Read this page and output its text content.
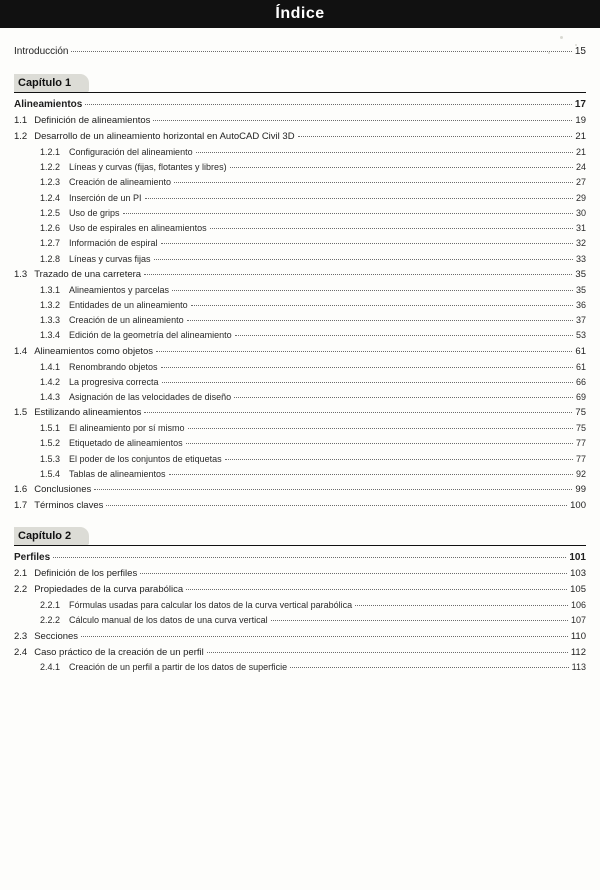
Índice
Introducción	15
Capítulo 1
Alineamientos	17
1.1 Definición de alineamientos	19
1.2 Desarrollo de un alineamiento horizontal en AutoCAD Civil 3D	21
1.2.1 Configuración del alineamiento	21
1.2.2 Líneas y curvas (fijas, flotantes y libres)	24
1.2.3 Creación de alineamiento	27
1.2.4 Inserción de un PI	29
1.2.5 Uso de grips	30
1.2.6 Uso de espirales en alineamientos	31
1.2.7 Información de espiral	32
1.2.8 Líneas y curvas fijas	33
1.3 Trazado de una carretera	35
1.3.1 Alineamientos y parcelas	35
1.3.2 Entidades de un alineamiento	36
1.3.3 Creación de un alineamiento	37
1.3.4 Edición de la geometría del alineamiento	53
1.4 Alineamientos como objetos	61
1.4.1 Renombrando objetos	61
1.4.2 La progresiva correcta	66
1.4.3 Asignación de las velocidades de diseño	69
1.5 Estilizando alineamientos	75
1.5.1 El alineamiento por sí mismo	75
1.5.2 Etiquetado de alineamientos	77
1.5.3 El poder de los conjuntos de etiquetas	77
1.5.4 Tablas de alineamientos	92
1.6 Conclusiones	99
1.7 Términos claves	100
Capítulo 2
Perfiles	101
2.1 Definición de los perfiles	103
2.2 Propiedades de la curva parabólica	105
2.2.1 Fórmulas usadas para calcular los datos de la curva vertical parabólica	106
2.2.2 Cálculo manual de los datos de una curva vertical	107
2.3 Secciones	110
2.4 Caso práctico de la creación de un perfil	112
2.4.1 Creación de un perfil a partir de los datos de superficie	113
